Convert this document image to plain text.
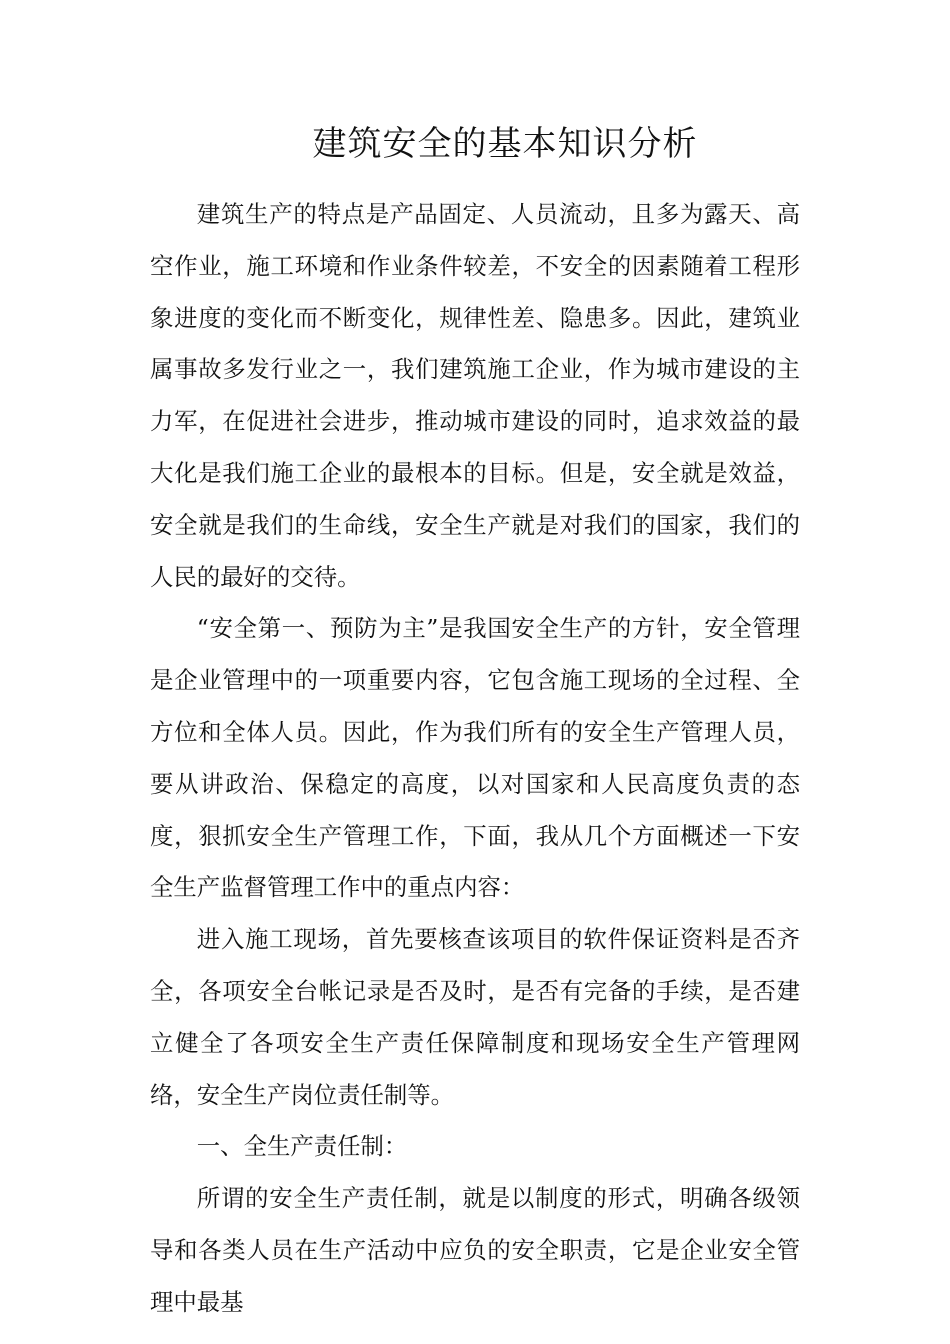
建筑安全的基本知识分析

建筑生产的特点是产品固定、人员流动，且多为露天、高空作业，施工环境和作业条件较差，不安全的因素随着工程形象进度的变化而不断变化，规律性差、隐患多。因此，建筑业属事故多发行业之一，我们建筑施工企业，作为城市建设的主力军，在促进社会进步，推动城市建设的同时，追求效益的最大化是我们施工企业的最根本的目标。但是，安全就是效益，安全就是我们的生命线，安全生产就是对我们的国家，我们的人民的最好的交待。

“安全第一、预防为主”是我国安全生产的方针，安全管理是企业管理中的一项重要内容，它包含施工现场的全过程、全方位和全体人员。因此，作为我们所有的安全生产管理人员，要从讲政治、保稳定的高度，以对国家和人民高度负责的态度，狠抓安全生产管理工作，下面，我从几个方面概述一下安全生产监督管理工作中的重点内容：

进入施工现场，首先要核查该项目的软件保证资料是否齐全，各项安全台帐记录是否及时，是否有完备的手续，是否建立健全了各项安全生产责任保障制度和现场安全生产管理网络，安全生产岗位责任制等。

一、全生产责任制：

所谓的安全生产责任制，就是以制度的形式，明确各级领导和各类人员在生产活动中应负的安全职责，它是企业安全管理中最基
